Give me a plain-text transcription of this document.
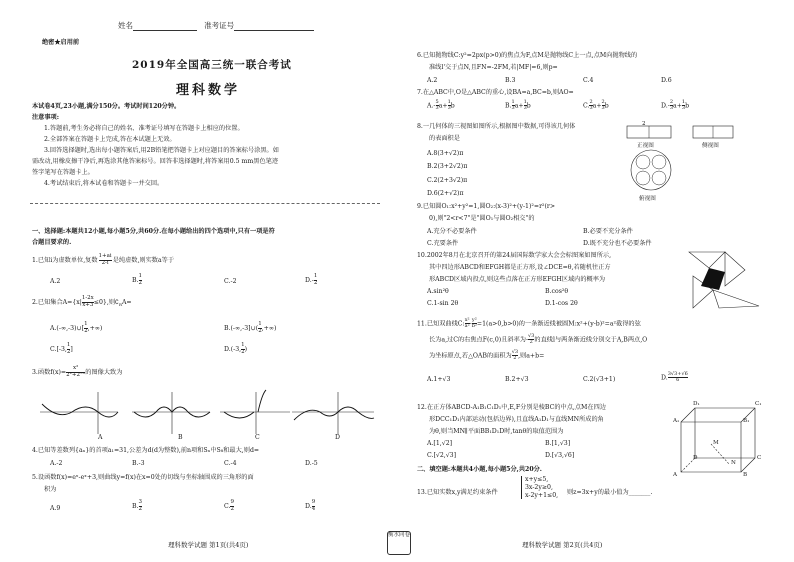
姓名	准考证号
绝密★启用前
2019年全国高三统一联合考试
理科数学
本试卷4页,23小题,满分150分。考试时间120分钟。
注意事项:
1.答题前,考生务必将自己的姓名、准考证号填写在答题卡上相应的位置。
2.全部答案在答题卡上完成,答在本试题上无效。
3.回答选择题时,选出每小题答案后,用2B铅笔把答题卡上对应题目的答案标号涂黑。如
需改动,用橡皮擦干净后,再选涂其他答案标号。回答非选择题时,将答案用0.5 mm黑色笔迹
签字笔写在答题卡上。
4.考试结束后,将本试卷和答题卡一并交回。
一、选择题:本题共12小题,每小题5分,共60分.在每小题给出的四个选项中,只有一项是符
合题目要求的.
1.已知i为虚数单位,复数 $\frac{1+ai}{2-i}$ 是纯虚数,则实数a等于
A.2	B. $\frac{1}{2}$	C.-2	$D.- \frac{1}{2}$
2.已知集合$A=\{x| \frac{1-2x}{x+3} \le 0\}$,则$∁_RA=$
A.(-∞,-3)∪[ $\frac{1}{2}$ ,+∞)	B.(-∞,-3]∪( $\frac{1}{2}$ ,+∞)
C.[-3, $\frac{1}{2}$ ]	D.(-3, $\frac{1}{2}$ )
3.函数$f(x)= \frac{\text{x²}}{\text{2ˣ+2⁻ˣ}}$ 的图像大致为
A	B	C	D
4.已知等差数列{aₙ}的首项a₁=31,公差为d(d为整数),前n项和Sₙ中S₈和最大,则d=
A.-2	B.-3	C.-4	D.-5
5.设函数f(x)=eˣ-eˣ+3,则曲线y=f(x)在x=0处的切线与坐标轴围成的三角形的面
积为
A.9	B. $\frac{3}{2}$	C. $\frac{9}{2}$	D. $\frac{9}{4}$
理科数学试题 第1页(共4页)
6.已知抛物线C:y²=2px(p>0)的焦点为F,点M是抛物线C上一点,点M向抛物线的
准线l'交于点N,且FN=-2FM,若|MF|=6,则p=
A.2	B.3	C.4	D.6
7.在△ABC中,O是△ABC的重心,设BA=a,BC=b,则AO=
$A.- \frac{5}{3} a+ \frac{1}{3}$ b	B. $\frac{1}{3} a+ \frac{1}{3}$ b	C. $\frac{2}{3} a+ \frac{2}{3}$ b	$D.- \frac{2}{3} a+ \frac{1}{3}$ b
8.一几何体的三视图如图所示,根据图中数据,可得该几何体
的表面积是
A.8(3+√2)π
B.2(3+2√2)π
C.2(2+3√2)π
D.6(2+√2)π
2
正视图	侧视图
俯视图
9.已知圆O₁:x²+y²=1,圆O₂:(x-3)²+(y-1)²=r²(r>
0),则"2<r<7"是"圆O₁与圆O₂相交"的
A.充分不必要条件	B.必要不充分条件
C.充要条件	D.既不充分也不必要条件
10.2002年8月在北京召开的第24届国际数学家大会会标图案如图所示,
其中四边形ABCD和EFGH都是正方形,设∠DCE=θ,若随机往正方
形ABCD区域内投点,则这些点落在正方形EFGH区域内的概率为
A.sin²θ	B.cos²θ
C.1-sin 2θ	D.1-cos 2θ
11.已知双曲线C: $\frac{\text{x²}}{\text{a²}} - \frac{\text{y²}}{\text{b²}} =1(a>0,b>0)$的一条渐近线被圆M:x²+(y-b)²=a²截得的弦
长为a,过C的右焦点F(c,0)且斜率为- $\frac{√3}{2}$ 的直线l与两条渐近线分别交于A,B两点,O
为坐标原点,若△OAB的面积为 $\frac{√3}{2}$ ,则a+b=
A.1+√3	B.2+√3	C.2(√3+1)	D. $\frac{3√3+√6}{6}$
12.在正方体ABCD-A₁B₁C₁D₁中,E,F分别是棱BC的中点,点M在四边
形DCC₁D₁内部运动(包括边界),且直线A₁D₁与直线MN所成的角
为θ,则当MN∥平面BB₁D₁D时,tanθ的取值范围为
A.[1,√2]	B.[1,√3]
C.[√2,√3]	D.[√3,√6]
D₁	C₁
A₁	B₁
D	C
A	B
M
N
二、填空题:本题共4小题,每小题5分,共20分.
13.已知实数x,y满足约束条件
x+y≤5,
3x-2y≥0,
x-2y+1≤0, 则z=3x+y的最小值为_______.
理科数学试题 第2页(共4页)
衡水同卷
